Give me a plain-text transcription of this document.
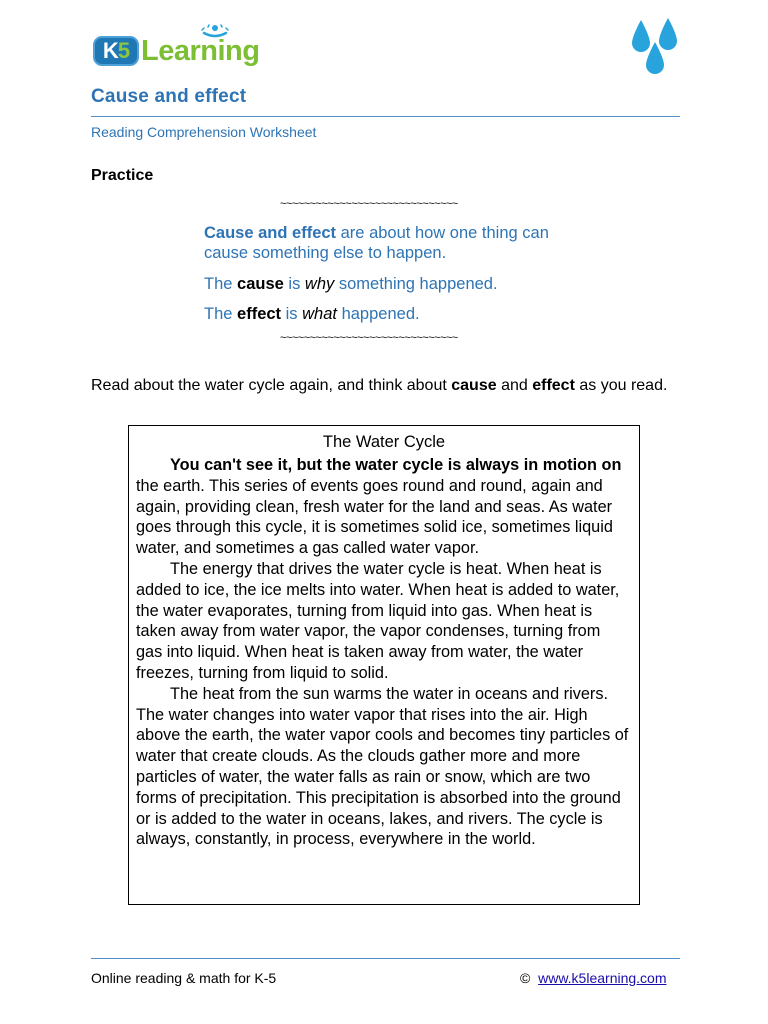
K5 Learning
Cause and effect
Reading Comprehension Worksheet
Practice
~~~~~~~~~~~~~~~~~~~~~~~~~~~~~~
Cause and effect are about how one thing can cause something else to happen.
The cause is why something happened.
The effect is what happened.
~~~~~~~~~~~~~~~~~~~~~~~~~~~~~~
Read about the water cycle again, and think about cause and effect as you read.
The Water Cycle

You can't see it, but the water cycle is always in motion on the earth. This series of events goes round and round, again and again, providing clean, fresh water for the land and seas. As water goes through this cycle, it is sometimes solid ice, sometimes liquid water, and sometimes a gas called water vapor.

The energy that drives the water cycle is heat. When heat is added to ice, the ice melts into water. When heat is added to water, the water evaporates, turning from liquid into gas. When heat is taken away from water vapor, the vapor condenses, turning from gas into liquid. When heat is taken away from water, the water freezes, turning from liquid to solid.

The heat from the sun warms the water in oceans and rivers. The water changes into water vapor that rises into the air. High above the earth, the water vapor cools and becomes tiny particles of water that create clouds. As the clouds gather more and more particles of water, the water falls as rain or snow, which are two forms of precipitation. This precipitation is absorbed into the ground or is added to the water in oceans, lakes, and rivers. The cycle is always, constantly, in process, everywhere in the world.

Online reading & math for K-5	© www.k5learning.com
